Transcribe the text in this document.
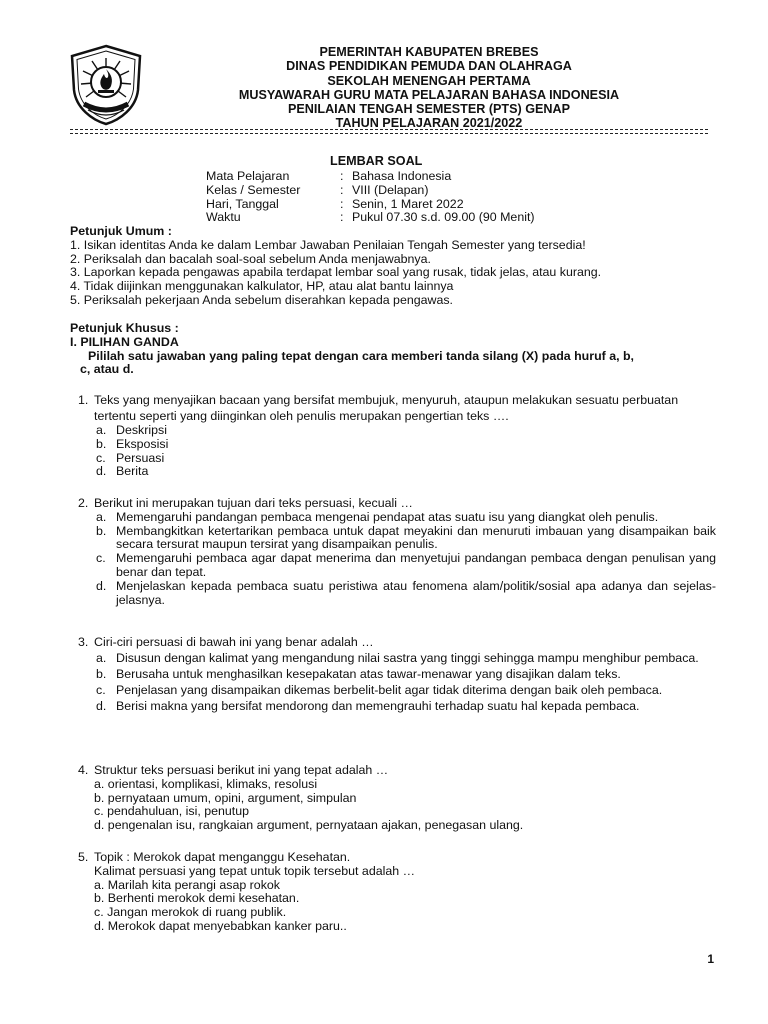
PEMERINTAH KABUPATEN BREBES
DINAS PENDIDIKAN PEMUDA DAN OLAHRAGA
SEKOLAH MENENGAH PERTAMA
MUSYAWARAH GURU MATA PELAJARAN BAHASA INDONESIA
PENILAIAN TENGAH SEMESTER (PTS) GENAP
TAHUN PELAJARAN 2021/2022
LEMBAR SOAL
Mata Pelajaran	: Bahasa Indonesia
Kelas / Semester	: VIII (Delapan)
Hari, Tanggal	: Senin, 1 Maret 2022
Waktu	: Pukul 07.30 s.d. 09.00 (90 Menit)
Petunjuk Umum :
1. Isikan identitas Anda ke dalam Lembar Jawaban Penilaian Tengah Semester yang tersedia!
2. Periksalah dan bacalah soal-soal sebelum Anda menjawabnya.
3. Laporkan kepada pengawas apabila terdapat lembar soal yang rusak, tidak jelas, atau kurang.
4. Tidak diijinkan menggunakan kalkulator, HP, atau alat bantu lainnya
5. Periksalah pekerjaan Anda sebelum diserahkan kepada pengawas.
Petunjuk Khusus :
I. PILIHAN GANDA
Pililah satu jawaban yang paling tepat dengan cara memberi tanda silang (X) pada huruf a, b,
c, atau d.
1. Teks yang menyajikan bacaan yang bersifat membujuk, menyuruh, ataupun melakukan sesuatu perbuatan tertentu seperti yang diinginkan oleh penulis merupakan pengertian teks ….
a. Deskripsi
b. Eksposisi
c. Persuasi
d. Berita
2. Berikut ini merupakan tujuan dari teks persuasi, kecuali …
a. Memengaruhi pandangan pembaca mengenai pendapat atas suatu isu yang diangkat oleh penulis.
b. Membangkitkan ketertarikan pembaca untuk dapat meyakini dan menuruti imbauan yang disampaikan baik secara tersurat maupun tersirat yang disampaikan penulis.
c. Memengaruhi pembaca agar dapat menerima dan menyetujui pandangan pembaca dengan penulisan yang benar dan tepat.
d. Menjelaskan kepada pembaca suatu peristiwa atau fenomena alam/politik/sosial apa adanya dan sejelas-jelasnya.
3. Ciri-ciri persuasi di bawah ini yang benar adalah …
a. Disusun dengan kalimat yang mengandung nilai sastra yang tinggi sehingga mampu menghibur pembaca.
b. Berusaha untuk menghasilkan kesepakatan atas tawar-menawar yang disajikan dalam teks.
c. Penjelasan yang disampaikan dikemas berbelit-belit agar tidak diterima dengan baik oleh pembaca.
d. Berisi makna yang bersifat mendorong dan memengrauhi terhadap suatu hal kepada pembaca.
4. Struktur teks persuasi berikut ini yang tepat adalah …
a. orientasi, komplikasi, klimaks, resolusi
b. pernyataan umum, opini, argument, simpulan
c. pendahuluan, isi, penutup
d. pengenalan isu, rangkaian argument, pernyataan ajakan, penegasan ulang.
5. Topik : Merokok dapat menganggu Kesehatan.
Kalimat persuasi yang tepat untuk topik tersebut adalah …
a. Marilah kita perangi asap rokok
b. Berhenti merokok demi kesehatan.
c. Jangan merokok di ruang publik.
d. Merokok dapat menyebabkan kanker paru..
1
